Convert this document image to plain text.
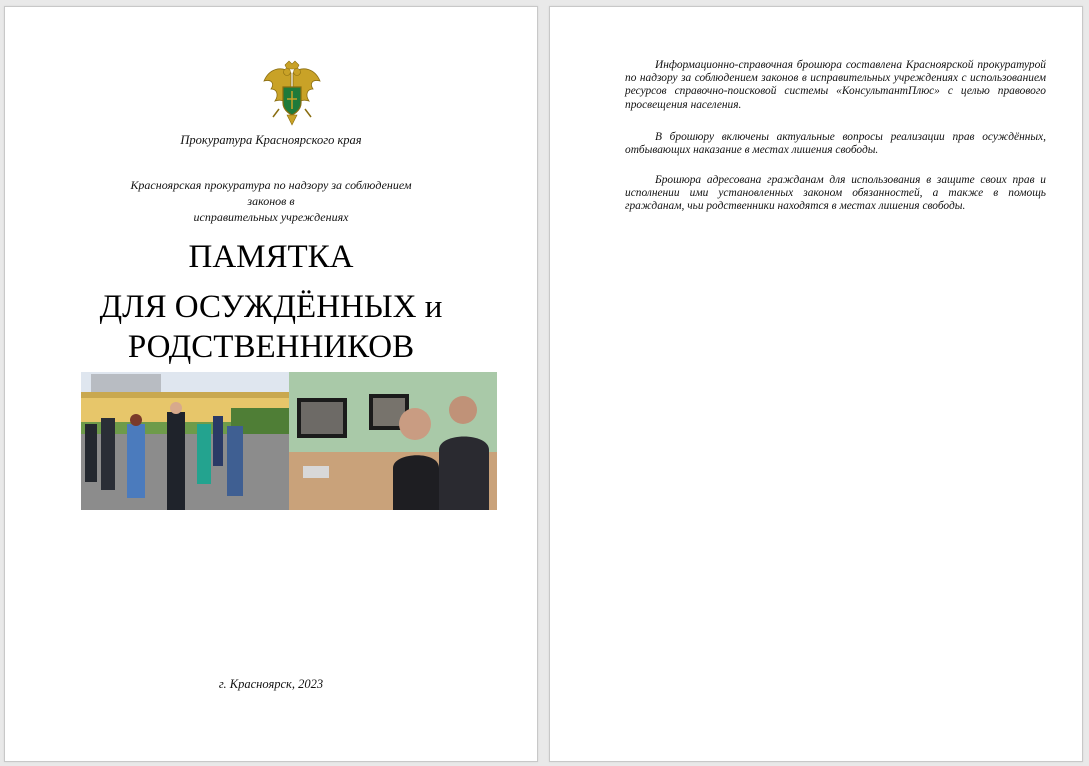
Прокуратура Красноярского края
Красноярская прокуратура по надзору за соблюдением законов в
исправительных учреждениях
ПАМЯТКА
ДЛЯ ОСУЖДЁННЫХ и
РОДСТВЕННИКОВ
г. Красноярск, 2023

Информационно-справочная брошюра составлена Красноярской прокуратурой по надзору за соблюдением законов в исправительных учреждениях с использованием ресурсов справочно-поисковой системы «КонсультантПлюс» с целью правового просвещения населения.

В брошюру включены актуальные вопросы реализации прав осуждённых, отбывающих наказание в местах лишения свободы.

Брошюра адресована гражданам для использования в защите своих прав и исполнении ими установленных законом обязанностей, а также в помощь гражданам, чьи родственники находятся в местах лишения свободы.
